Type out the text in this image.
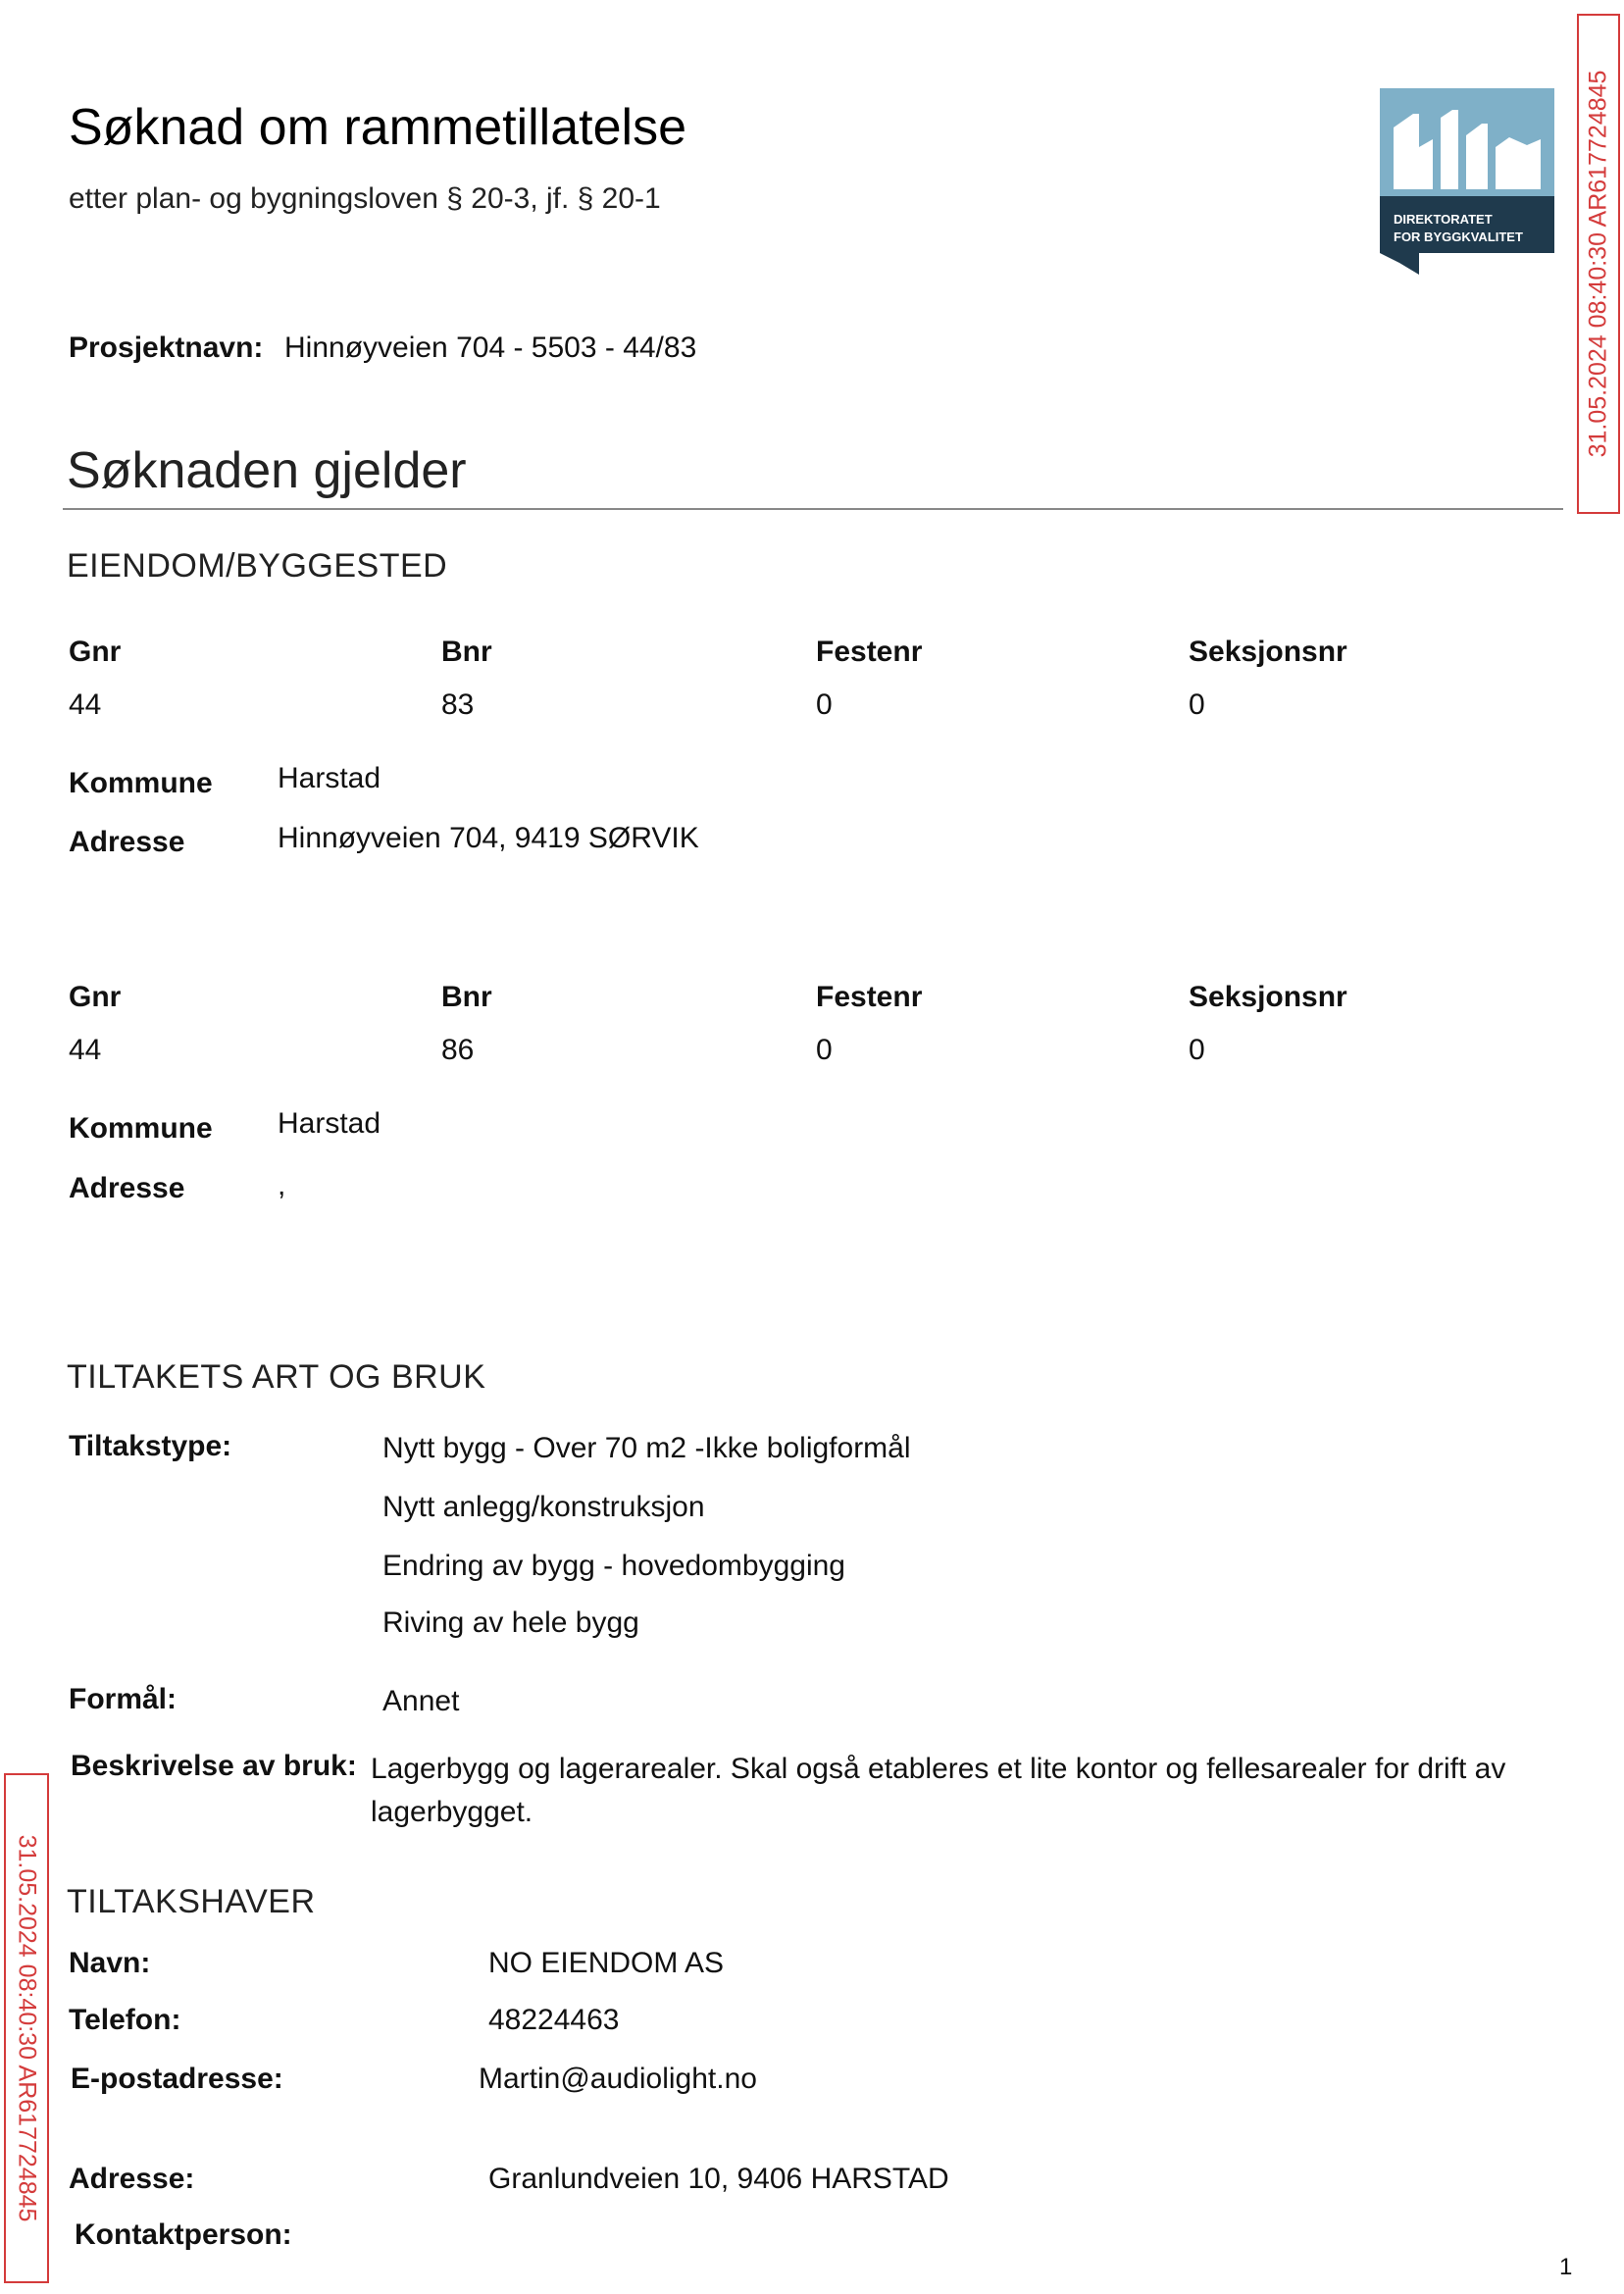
Søknad om rammetillatelse
etter plan- og bygningsloven § 20-3, jf. § 20-1
DIREKTORATET
FOR BYGGKVALITET	31.05.2024 08:40:30 AR617724845
31.05.2024 08:40:30 AR617724845
Prosjektnavn: Hinnøyveien 704 - 5503 - 44/83
Søknaden gjelder
EIENDOM/BYGGESTED
Gnr	Bnr	Festenr	Seksjonsnr
44	83	0	0
Kommune Harstad
Adresse	Hinnøyveien 704, 9419 SØRVIK
Gnr	Bnr	Festenr	Seksjonsnr
44	86	0	0
Kommune Harstad
Adresse	,
TILTAKETS ART OG BRUK
Tiltakstype:	Nytt bygg - Over 70 m2 -Ikke boligformål
Nytt anlegg/konstruksjon
Endring av bygg - hovedombygging
Riving av hele bygg
Formål:	Annet
Beskrivelse av bruk: Lagerbygg og lagerarealer. Skal også etableres et lite kontor og fellesarealer for drift av lagerbygget.
TILTAKSHAVER
Navn:	NO EIENDOM AS
Telefon:	48224463
E-postadresse:	Martin@audiolight.no
Adresse:	Granlundveien 10, 9406 HARSTAD
Kontaktperson:
1
